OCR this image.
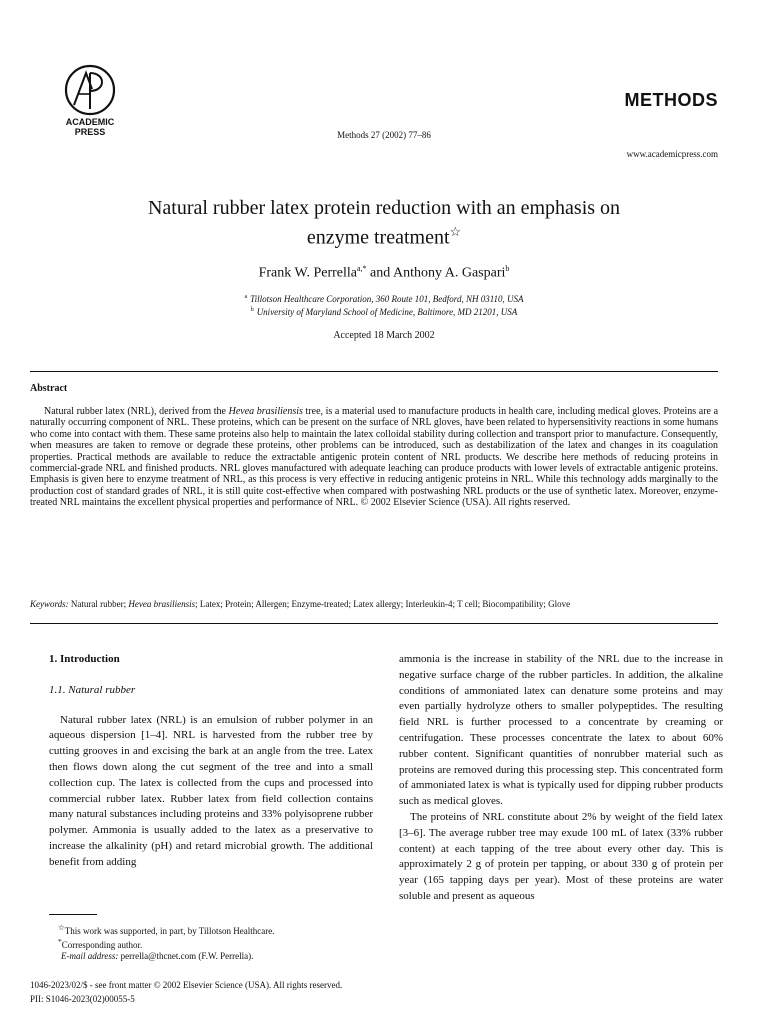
ACADEMIC
PRESS	Methods 27 (2002) 77–86
METHODS
www.academicpress.com
Natural rubber latex protein reduction with an emphasis on
enzyme treatment☆
Frank W. Perrella$^{a,*}$ and Anthony A. Gaspari$^b$
$^a$ Tillotson Healthcare Corporation, 360 Route 101, Bedford, NH 03110, USA
$^b$ University of Maryland School of Medicine, Baltimore, MD 21201, USA
Accepted 18 March 2002
Abstract
Natural rubber latex (NRL), derived from the Hevea brasiliensis tree, is a material used to manufacture products in health care, including medical gloves. Proteins are a naturally occurring component of NRL. These proteins, which can be present on the surface of NRL gloves, have been related to hypersensitivity reactions in some humans who come into contact with them. These same proteins also help to maintain the latex colloidal stability during collection and transport prior to manufacture. Consequently, when measures are taken to remove or degrade these proteins, other problems can be introduced, such as destabilization of the latex and changes in its coagulation properties. Practical methods are available to reduce the extractable antigenic protein content of NRL products. We describe here methods of reducing proteins in commercial-grade NRL and finished products. NRL gloves manufactured with adequate leaching can produce products with lower levels of extractable antigenic proteins. Emphasis is given here to enzyme treatment of NRL, as this process is very effective in reducing antigenic proteins in NRL. While this technology adds marginally to the production cost of standard grades of NRL, it is still quite cost-effective when compared with postwashing NRL products or the use of synthetic latex. Moreover, enzyme-treated NRL maintains the excellent physical properties and performance of NRL. © 2002 Elsevier Science (USA). All rights reserved.
Keywords: Natural rubber; Hevea brasiliensis; Latex; Protein; Allergen; Enzyme-treated; Latex allergy; Interleukin-4; T cell; Biocompatibility; Glove
1. Introduction
1.1. Natural rubber

Natural rubber latex (NRL) is an emulsion of rubber polymer in an aqueous dispersion [1–4]. NRL is harvested from the rubber tree by cutting grooves in and excising the bark at an angle from the tree. Latex then flows down along the cut segment of the tree and into a small collection cup. The latex is collected from the cups and processed into commercial rubber latex. Rubber latex from field collection contains many natural substances including proteins and 33% polyisoprene rubber polymer. Ammonia is usually added to the latex as a preservative to increase the alkalinity (pH) and retard microbial growth. The additional benefit from adding

ammonia is the increase in stability of the NRL due to the increase in negative surface charge of the rubber particles. In addition, the alkaline conditions of ammoniated latex can denature some proteins and may even partially hydrolyze others to smaller polypeptides. The resulting field NRL is further processed to a concentrate by creaming or centrifugation. These processes concentrate the latex to about 60% rubber content. Significant quantities of nonrubber material such as proteins are removed during this processing step. This concentrated form of ammoniated latex is what is typically used for dipping rubber products such as medical gloves.

The proteins of NRL constitute about 2% by weight of the field latex [3–6]. The average rubber tree may exude 100 mL of latex (33% rubber content) at each tapping of the tree about every other day. This is approximately 2 g of protein per tapping, or about 330 g of protein per year (165 tapping days per year). Most of these proteins are water soluble and present as aqueous

☆This work was supported, in part, by Tillotson Healthcare.
*Corresponding author.
E-mail address: perrella@thcnet.com (F.W. Perrella).
1046-2023/02/$ - see front matter © 2002 Elsevier Science (USA). All rights reserved.
PII: S1046-2023(02)00055-5
